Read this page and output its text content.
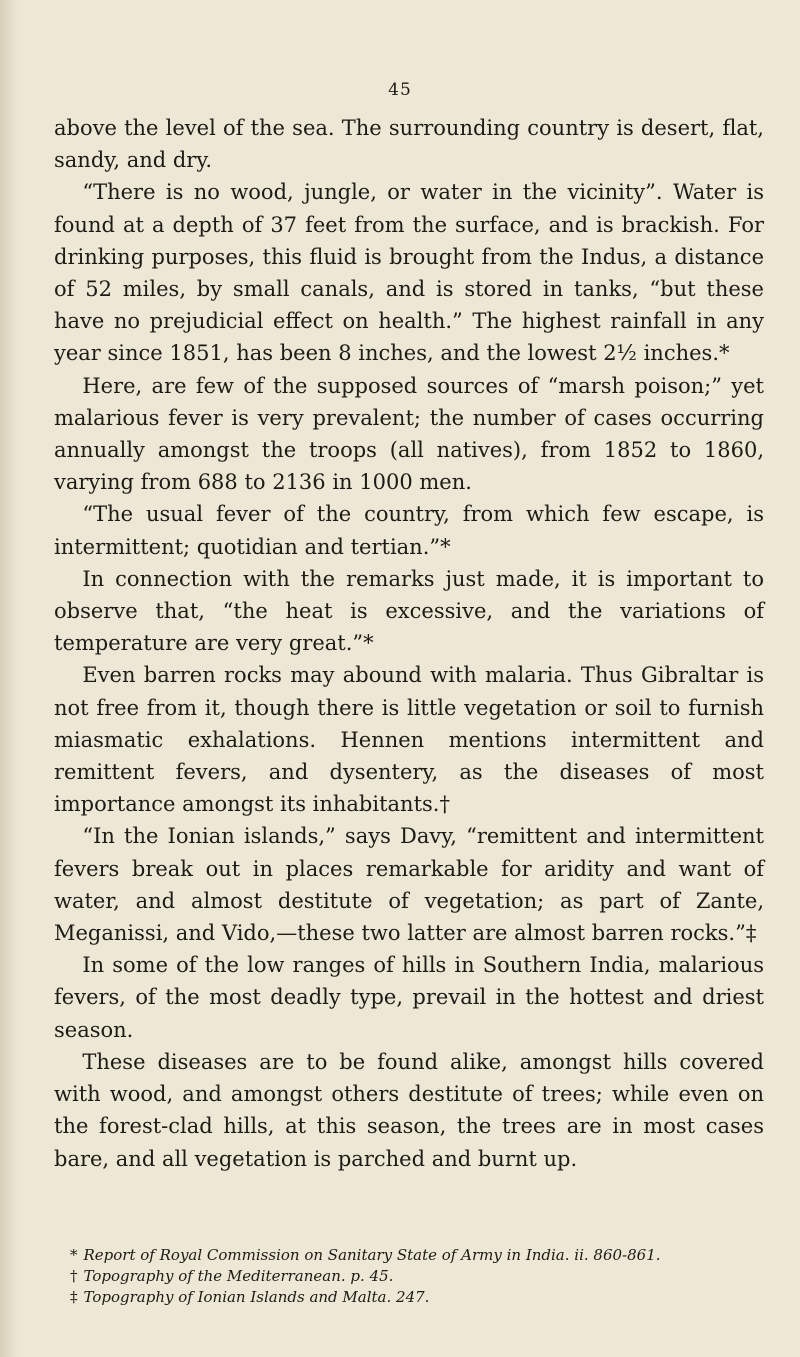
45

above the level of the sea. The surrounding country is desert, flat, sandy, and dry.

“There is no wood, jungle, or water in the vicinity”. Water is found at a depth of 37 feet from the surface, and is brackish. For drinking purposes, this fluid is brought from the Indus, a distance of 52 miles, by small canals, and is stored in tanks, “but these have no prejudicial effect on health.” The highest rainfall in any year since 1851, has been 8 inches, and the lowest 2½ inches.*

Here, are few of the supposed sources of “marsh poison;” yet malarious fever is very prevalent; the number of cases occurring annually amongst the troops (all natives), from 1852 to 1860, varying from 688 to 2136 in 1000 men.

“The usual fever of the country, from which few escape, is intermittent; quotidian and tertian.”*

In connection with the remarks just made, it is important to observe that, “the heat is excessive, and the variations of temperature are very great.”*

Even barren rocks may abound with malaria. Thus Gibraltar is not free from it, though there is little vegetation or soil to furnish miasmatic exhalations. Hennen mentions intermittent and remittent fevers, and dysentery, as the diseases of most importance amongst its inhabitants.†

“In the Ionian islands,” says Davy, “remittent and intermittent fevers break out in places remarkable for aridity and want of water, and almost destitute of vegetation; as part of Zante, Meganissi, and Vido,—these two latter are almost barren rocks.”‡

In some of the low ranges of hills in Southern India, malarious fevers, of the most deadly type, prevail in the hottest and driest season.

These diseases are to be found alike, amongst hills covered with wood, and amongst others destitute of trees; while even on the forest-clad hills, at this season, the trees are in most cases bare, and all vegetation is parched and burnt up.

* Report of Royal Commission on Sanitary State of Army in India. ii. 860-861.

† Topography of the Mediterranean. p. 45.

‡ Topography of Ionian Islands and Malta. 247.
